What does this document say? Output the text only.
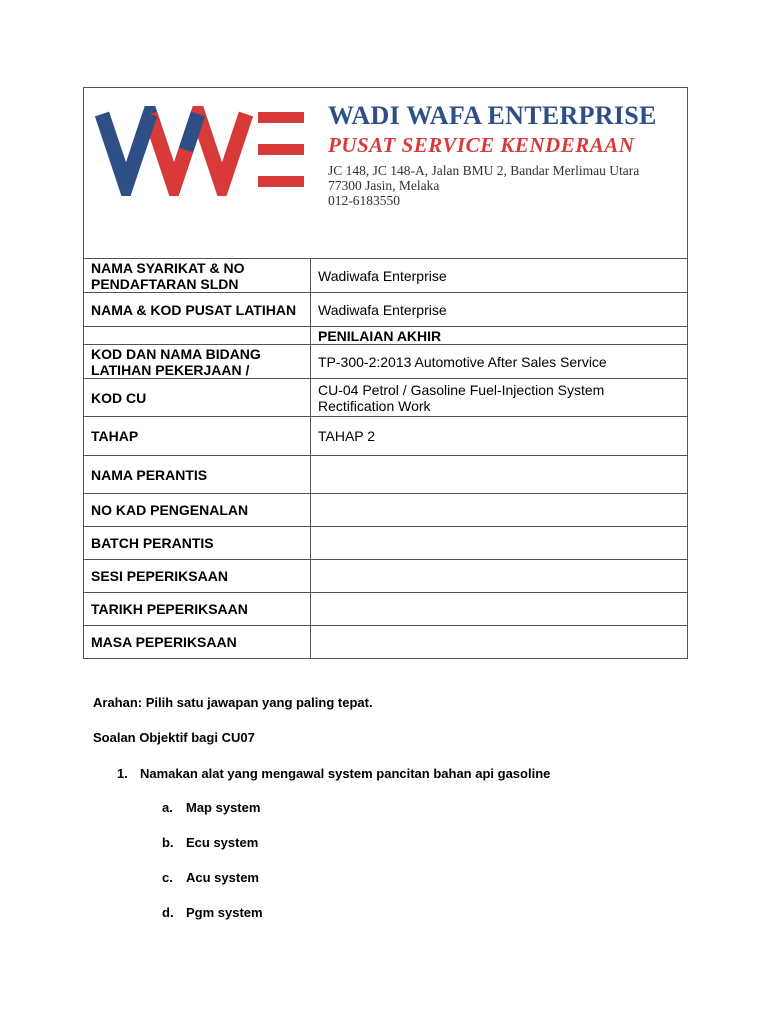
WADI WAFA ENTERPRISE
PUSAT SERVICE KENDERAAN
JC 148, JC 148-A, Jalan BMU 2, Bandar Merlimau Utara
77300 Jasin, Melaka
012-6183550	

NAMA SYARIKAT & NO PENDAFTARAN SLDN	Wadiwafa Enterprise
NAMA & KOD PUSAT LATIHAN	Wadiwafa Enterprise
	PENILAIAN AKHIR
KOD DAN NAMA BIDANG LATIHAN PEKERJAAN /	TP-300-2:2013 Automotive After Sales Service
KOD CU	CU-04 Petrol / Gasoline Fuel-Injection System Rectification Work
TAHAP	TAHAP 2
NAMA PERANTIS	
NO KAD PENGENALAN	
BATCH PERANTIS	
SESI PEPERIKSAAN	
TARIKH PEPERIKSAAN	
MASA PEPERIKSAAN	
Arahan: Pilih satu jawapan yang paling tepat.
Soalan Objektif bagi CU07
1. Namakan alat yang mengawal system pancitan bahan api gasoline
a. Map system
b. Ecu system
c. Acu system
d. Pgm system
